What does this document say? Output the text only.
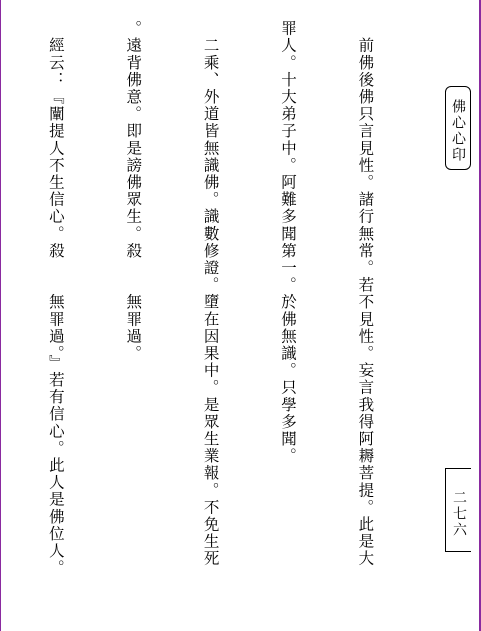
佛心心印

　前佛後佛只言見性。諸行無常。若不見性。妄言我得阿耨菩提。此是大

罪人。十大弟子中。阿難多聞第一。於佛無識。只學多聞。

　二乘、外道皆無識佛。識數修證。墮在因果中。是眾生業報。不免生死

。遠背佛意。即是謗佛眾生。殺　　無罪過。

　經云：『闡提人不生信心。殺　　無罪過。』若有信心。此人是佛位人。

	二七六
